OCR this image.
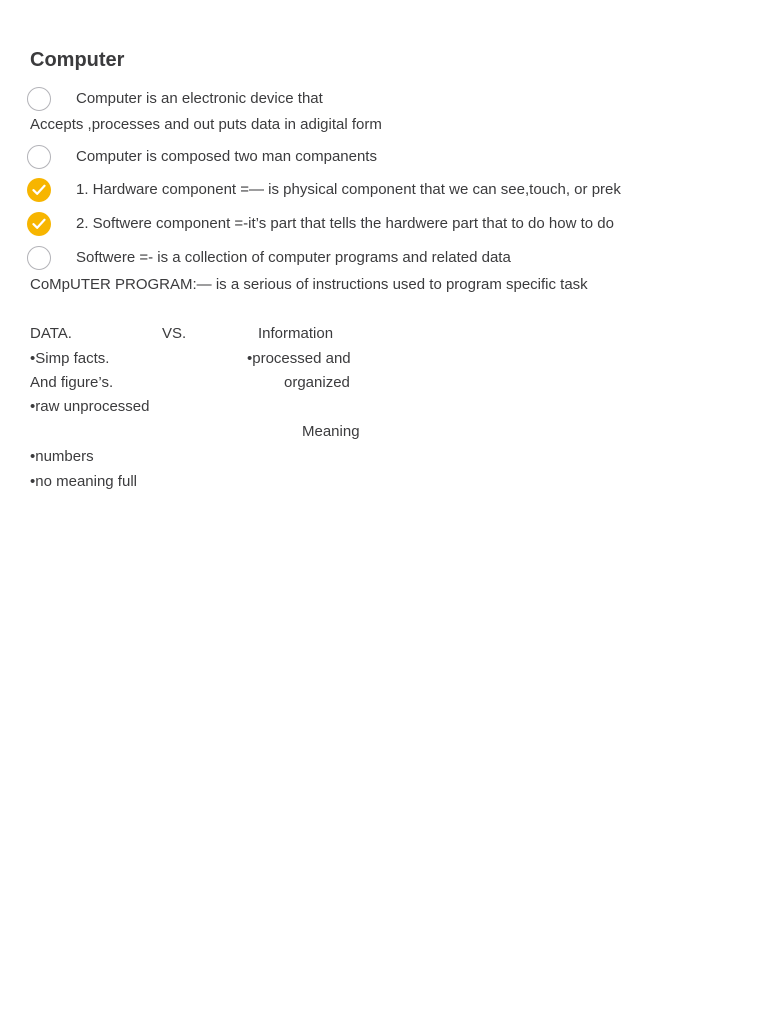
Computer
Computer is an electronic device that
Accepts ,processes and out puts data in adigital form
Computer is composed two man companents
1. Hardware component =— is physical component that we can see,touch, or prek
2. Softwere component =-it’s part that tells the hardwere part that to do how to do
Softwere =- is a collection of computer programs and related data
CoMpUTER PROGRAM:— is a serious of instructions used to program specific task
DATA.	VS.	Information
•Simp facts.	•processed and
And figure’s.	organized
•raw unprocessed
Meaning
•numbers
•no meaning full
